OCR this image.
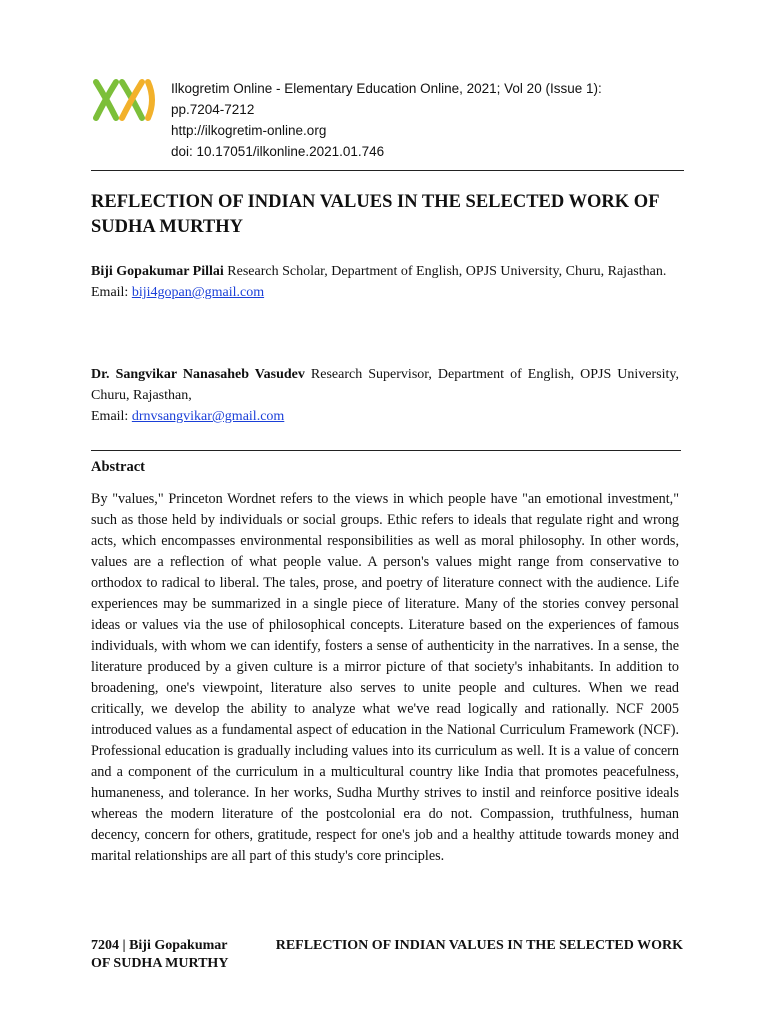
Ilkogretim Online - Elementary Education Online, 2021; Vol 20 (Issue 1):
pp.7204-7212
http://ilkogretim-online.org
doi: 10.17051/ilkonline.2021.01.746
REFLECTION OF INDIAN VALUES IN THE SELECTED WORK OF SUDHA MURTHY
Biji Gopakumar Pillai Research Scholar, Department of English, OPJS University, Churu, Rajasthan.
Email: biji4gopan@gmail.com
Dr. Sangvikar Nanasaheb Vasudev Research Supervisor, Department of English, OPJS University, Churu, Rajasthan,
Email: drnvsangvikar@gmail.com
Abstract
By "values," Princeton Wordnet refers to the views in which people have "an emotional investment," such as those held by individuals or social groups. Ethic refers to ideals that regulate right and wrong acts, which encompasses environmental responsibilities as well as moral philosophy. In other words, values are a reflection of what people value. A person's values might range from conservative to orthodox to radical to liberal. The tales, prose, and poetry of literature connect with the audience. Life experiences may be summarized in a single piece of literature. Many of the stories convey personal ideas or values via the use of philosophical concepts. Literature based on the experiences of famous individuals, with whom we can identify, fosters a sense of authenticity in the narratives. In a sense, the literature produced by a given culture is a mirror picture of that society's inhabitants. In addition to broadening, one's viewpoint, literature also serves to unite people and cultures. When we read critically, we develop the ability to analyze what we've read logically and rationally. NCF 2005 introduced values as a fundamental aspect of education in the National Curriculum Framework (NCF). Professional education is gradually including values into its curriculum as well. It is a value of concern and a component of the curriculum in a multicultural country like India that promotes peacefulness, humaneness, and tolerance. In her works, Sudha Murthy strives to instil and reinforce positive ideals whereas the modern literature of the postcolonial era do not. Compassion, truthfulness, human decency, concern for others, gratitude, respect for one's job and a healthy attitude towards money and marital relationships are all part of this study's core principles.
7204 | Biji Gopakumar	REFLECTION OF INDIAN VALUES IN THE SELECTED WORK
OF SUDHA MURTHY
